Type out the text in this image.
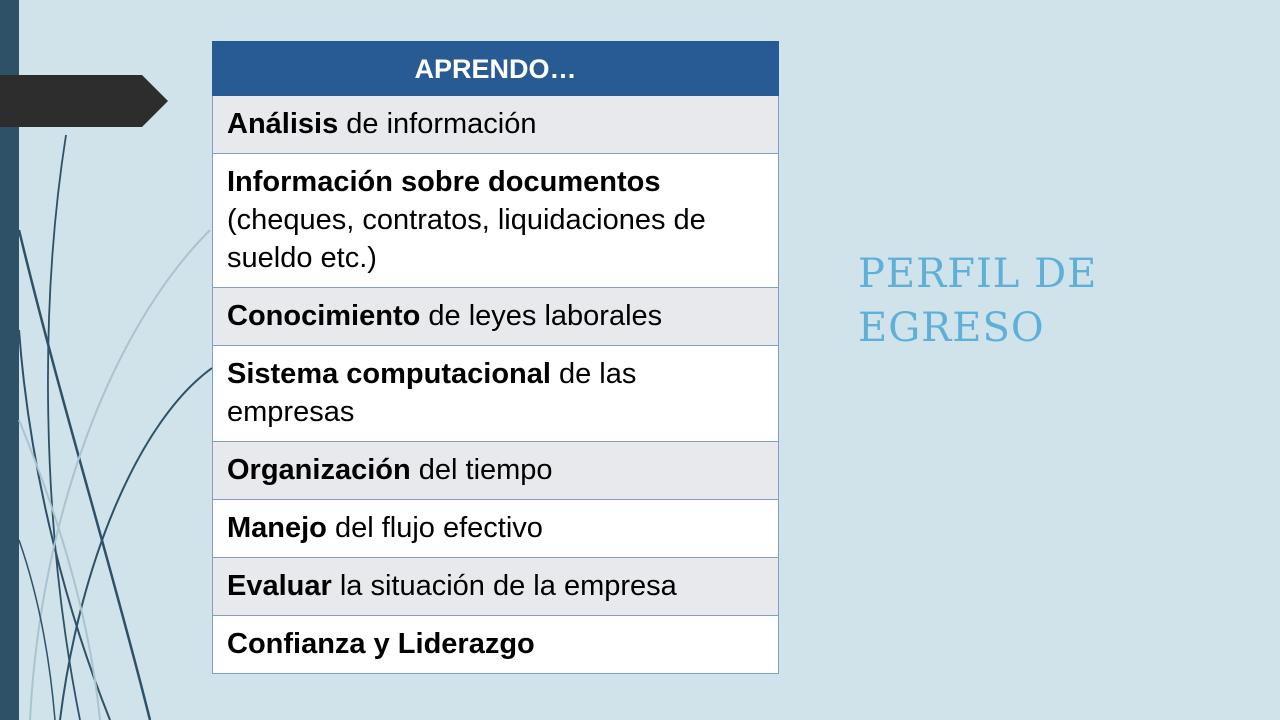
APRENDO…
Análisis de información
Información sobre documentos (cheques, contratos, liquidaciones de sueldo etc.)
Conocimiento de leyes laborales
Sistema computacional de las empresas
Organización del tiempo
Manejo del flujo efectivo
Evaluar la situación de la empresa
Confianza y Liderazgo
PERFIL DE
EGRESO
